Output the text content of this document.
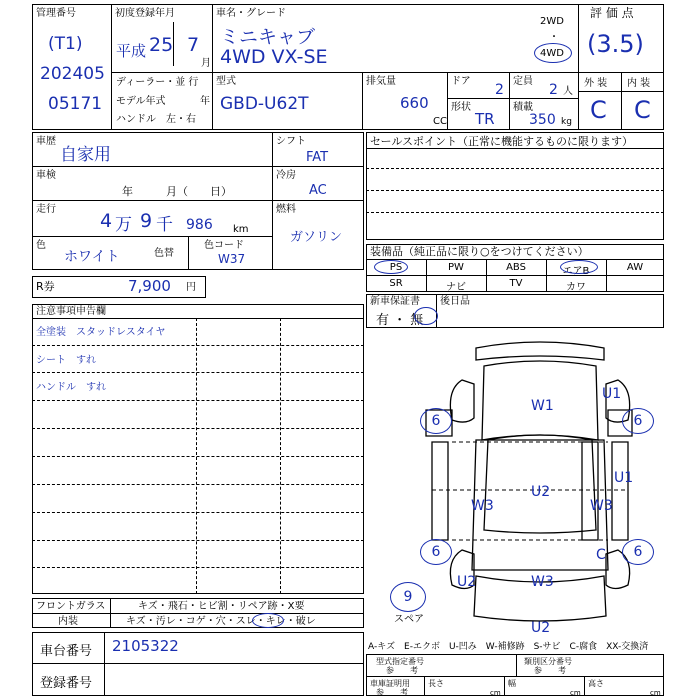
管理番号
(T1)
202405
05171
初度登録年月
平成 25 7
月
車名・グレード
ミニキャブ
4WD VX-SE
2WD
・
4WD
評 価 点
(3.5)
外 装 内 装
C C
ディーラー・並 行
モデル年式	年
ハンドル　左・右
型式
GBD-U62T
排気量
660
CC
ドア
2
定員
2 人
形状
TR
積載
350 kg
車歴
自家用
車検
年　　　月（　　日）
走行
4 万 9 千 986 km
色
ホワイト	色替
色コード
W37
シフト
FAT
冷房
AC
燃料
ガソリン
R券	7,900 円
注意事項申告欄
全塗装　スタッドレスタイヤ
シート　すれ
ハンドル　すれ
セールスポイント（正常に機能するものに限ります）
装備品（純正品に限り○をつけてください）
PS	PW	ABS	エアB	AW
SR	ナビ	TV	カワ
新車保証書
有 ・ 無
後日品
W1
U1
6	6
U1
U2
W3	W3
6	6
C
U2	W3
9
スペア
U2
フロントガラス	キズ・飛石・ヒビ割・リペア跡・X要
内装	キズ・汚レ・コゲ・穴・スレ・キレ・破レ
車台番号 2105322
登録番号
A-キズ　E-エクボ　U-凹み　W-補修跡　S-サビ　C-腐食　XX-交換済
型式指定番号
参　　考
類別区分番号
参　　考
車庫証明用
参　　考
長さ
cm
幅
cm
高さ
cm
